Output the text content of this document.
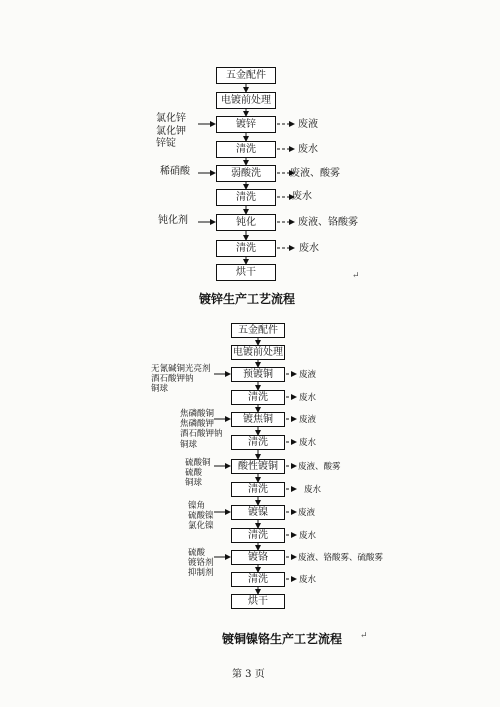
五金配件
电镀前处理
镀锌
清洗
弱酸洗
清洗
钝化
清洗
烘干
氯化锌
氯化钾
锌锭
稀硝酸
钝化剂
废液
废水
废液、酸雾
废水
废液、铬酸雾
废水
镀锌生产工艺流程
五金配件
电镀前处理
预镀铜
清洗
镀焦铜
清洗
酸性镀铜
清洗
镀镍
清洗
镀铬
清洗
烘干
无氰碱铜光亮剂
酒石酸钾钠
铜球
焦磷酸铜
焦磷酸钾
酒石酸钾钠
铜球
硫酸铜
硫酸
铜球
镍角
硫酸镍
氯化镍
硫酸
镀铬剂
抑制剂
废液
废水
废液
废水
废液、酸雾
废水
废液
废水
废液、铬酸雾、硫酸雾
废水
镀铜镍铬生产工艺流程
↵
↵
第 3 页
